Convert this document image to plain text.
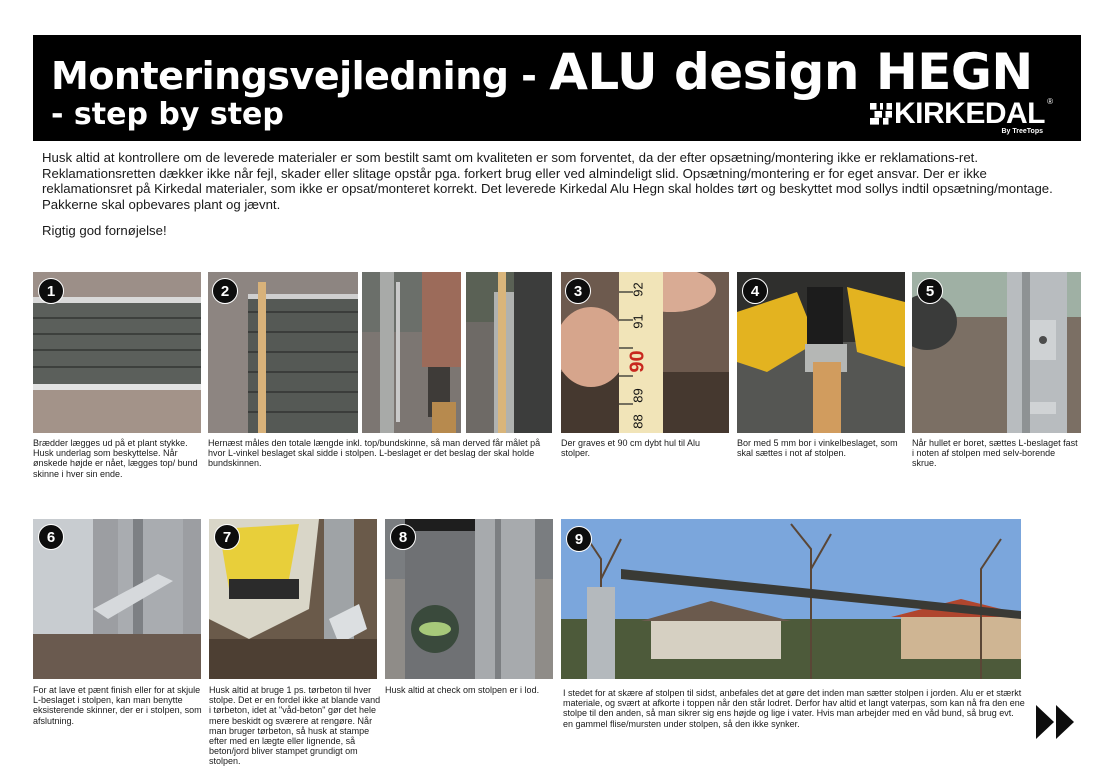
Monteringsvejledning - ALU design HEGN
- step by step	KIRKEDAL ®
By TreeTops

Husk altid at kontrollere om de leverede materialer er som bestilt samt om kvaliteten er som forventet, da der efter opsætning/montering ikke er reklamations-ret. Reklamationsretten dækker ikke når fejl, skader eller slitage opstår pga. forkert brug eller ved almindeligt slid. Opsætning/montering er for eget ansvar. Der er ikke reklamationsret på Kirkedal materialer, som ikke er opsat/monteret korrekt. Det leverede Kirkedal Alu Hegn skal holdes tørt og beskyttet mod sollys indtil opsætning/montage. Pakkerne skal opbevares plant og jævnt.

Rigtig god fornøjelse!

1

Brædder lægges ud på et plant stykke. Husk underlag som beskyttelse. Når ønskede højde er nået, lægges top/ bund skinne i hver sin ende.

2

Hernæst måles den totale længde inkl. top/bundskinne, så man derved får målet på hvor L-vinkel beslaget skal sidde i stolpen. L-beslaget er det beslag der skal holde bundskinnen.

92
91
90
89
88
3

Der graves et 90 cm dybt hul til Alu stolper.

4

Bor med 5 mm bor i vinkelbeslaget, som skal sættes i not af stolpen.

5

Når hullet er boret, sættes L-beslaget fast i noten af stolpen med selv-borende skrue.

6

For at lave et pænt finish eller for at skjule L-beslaget i stolpen, kan man benytte eksisterende skinner, der er i stolpen, som afslutning.

7

Husk altid at bruge 1 ps. tørbeton til hver stolpe. Det er en fordel ikke at blande vand i tørbeton, idet at "våd-beton" gør det hele mere beskidt og sværere at rengøre. Når man bruger tørbeton, så husk at stampe efter med en lægte eller lignende, så beton/jord bliver stampet grundigt om stolpen.

8

Husk altid at check om stolpen er i lod.

9

I stedet for at skære af stolpen til sidst, anbefales det at gøre det inden man sætter stolpen i jorden. Alu er et stærkt materiale, og svært at afkorte i toppen når den står lodret. Derfor hav altid et langt vaterpas, som kan nå fra den ene stolpe til den anden, så man sikrer sig ens højde og lige i vater. Hvis man arbejder med en våd bund, så brug evt. en gammel flise/mursten under stolpen, så den ikke synker.
